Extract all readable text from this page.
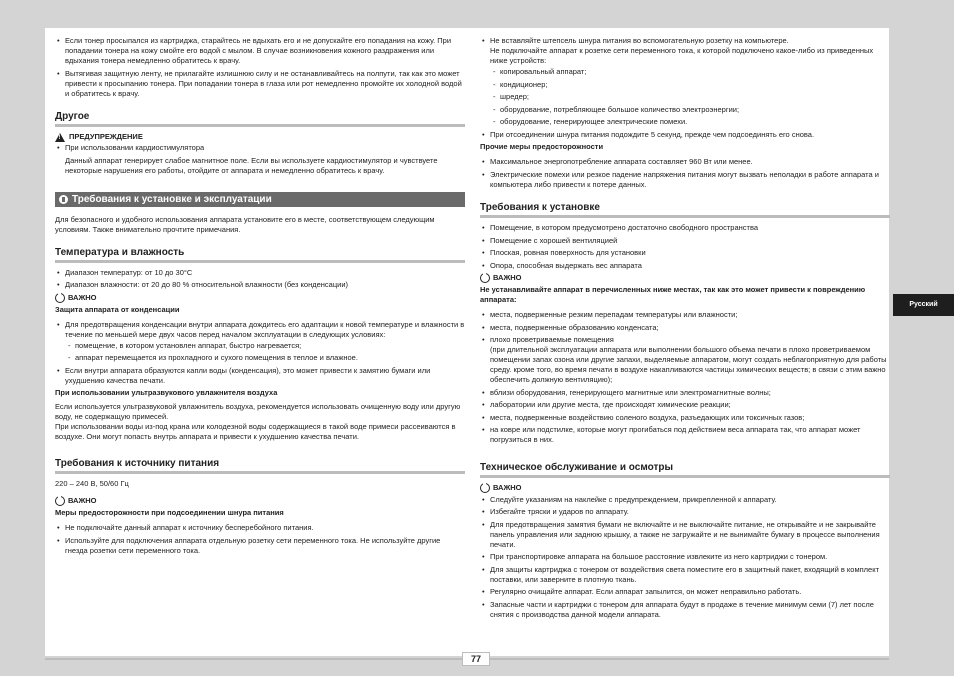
• Если тонер просыпался из картриджа, старайтесь не вдыхать его и не допускайте его попадания на кожу. При попадании тонера на кожу смойте его водой с мылом. В случае возникновения кожного раздражения или вдыхания тонера немедленно обратитесь к врачу.
• Вытягивая защитную ленту, не прилагайте излишнюю силу и не останавливайтесь на полпути, так как это может привести к просыпанию тонера. При попадании тонера в глаза или рот немедленно промойте их холодной водой и обратитесь к врачу.
Другое
!
ПРЕДУПРЕЖДЕНИЕ
• При использовании кардиостимулятора

Данный аппарат генерирует слабое магнитное поле. Если вы используете кардиостимулятор и чувствуете некоторые нарушения его работы, отойдите от аппарата и немедленно обратитесь к врачу.

Требования к установке и эксплуатации

Для безопасного и удобного использования аппарата установите его в месте, соответствующем следующим условиям. Также внимательно прочтите примечания.

Температура и влажность
• Диапазон температур: от 10 до 30°C
• Диапазон влажности: от 20 до 80 % относительной влажности (без конденсации)
ВАЖНО

Защита аппарата от конденсации

• Для предотвращения конденсации внутри аппарата дождитесь его адаптации к новой температуре и влажности в течение по меньшей мере двух часов перед началом эксплуатации в следующих условиях:
- помещение, в котором установлен аппарат, быстро нагревается;
- аппарат перемещается из прохладного и сухого помещения в теплое и влажное.
• Если внутри аппарата образуются капли воды (конденсация), это может привести к замятию бумаги или ухудшению качества печати.

При использовании ультразвукового увлажнителя воздуха

Если используется ультразвуковой увлажнитель воздуха, рекомендуется использовать очищенную воду или другую воду, не содержащую примесей.

При использовании воды из-под крана или колодезной воды содержащиеся в такой воде примеси рассеиваются в воздухе. Они могут попасть внутрь аппарата и привести к ухудшению качества печати.

Требования к источнику питания

220 – 240 В, 50/60 Гц

ВАЖНО

Меры предосторожности при подсоединении шнура питания

• Не подключайте данный аппарат к источнику бесперебойного питания.
• Используйте для подключения аппарата отдельную розетку сети переменного тока. Не используйте другие гнезда розетки сети переменного тока.
• Не вставляйте штепсель шнура питания во вспомогательную розетку на компьютере.
Не подключайте аппарат к розетке сети переменного тока, к которой подключено какое-либо из приведенных ниже устройств:
- копировальный аппарат;
- кондиционер;
- шредер;
- оборудование, потребляющее большое количество электроэнергии;
- оборудование, генерирующее электрические помехи.
• При отсоединении шнура питания подождите 5 секунд, прежде чем подсоединять его снова.

Прочие меры предосторожности

• Максимальное энергопотребление аппарата составляет 960 Вт или менее.
• Электрические помехи или резкое падение напряжения питания могут вызвать неполадки в работе аппарата и компьютера либо привести к потере данных.
Требования к установке
• Помещение, в котором предусмотрено достаточно свободного пространства
• Помещение с хорошей вентиляцией
• Плоская, ровная поверхность для установки
• Опора, способная выдержать вес аппарата
ВАЖНО

Не устанавливайте аппарат в перечисленных ниже местах, так как это может привести к повреждению аппарата:

• места, подверженные резким перепадам температуры или влажности;
• места, подверженные образованию конденсата;
• плохо проветриваемые помещения
(при длительной эксплуатации аппарата или выполнении большого объема печати в плохо проветриваемом помещении запах озона или другие запахи, выделяемые аппаратом, могут создать неблагоприятную для работы среду. кроме того, во время печати в воздухе накапливаются частицы химических веществ; в связи с этим важно обеспечить должную вентиляцию);
• вблизи оборудования, генерирующего магнитные или электромагнитные волны;
• лаборатории или другие места, где происходят химические реакции;
• места, подверженные воздействию соленого воздуха, разъедающих или токсичных газов;
• на ковре или подстилке, которые могут прогибаться под действием веса аппарата так, что аппарат может погрузиться в них.
Техническое обслуживание и осмотры
ВАЖНО
• Следуйте указаниям на наклейке с предупреждением, прикрепленной к аппарату.
• Избегайте тряски и ударов по аппарату.
• Для предотвращения замятия бумаги не включайте и не выключайте питание, не открывайте и не закрывайте панель управления или заднюю крышку, а также не загружайте и не вынимайте бумагу в процессе выполнения печати.
• При транспортировке аппарата на большое расстояние извлеките из него картриджи с тонером.
• Для защиты картриджа с тонером от воздействия света поместите его в защитный пакет, входящий в комплект поставки, или заверните в плотную ткань.
• Регулярно очищайте аппарат. Если аппарат запылится, он может неправильно работать.
• Запасные части и картриджи с тонером для аппарата будут в продаже в течение минимум семи (7) лет после снятия с производства данной модели аппарата.
77
Русский
